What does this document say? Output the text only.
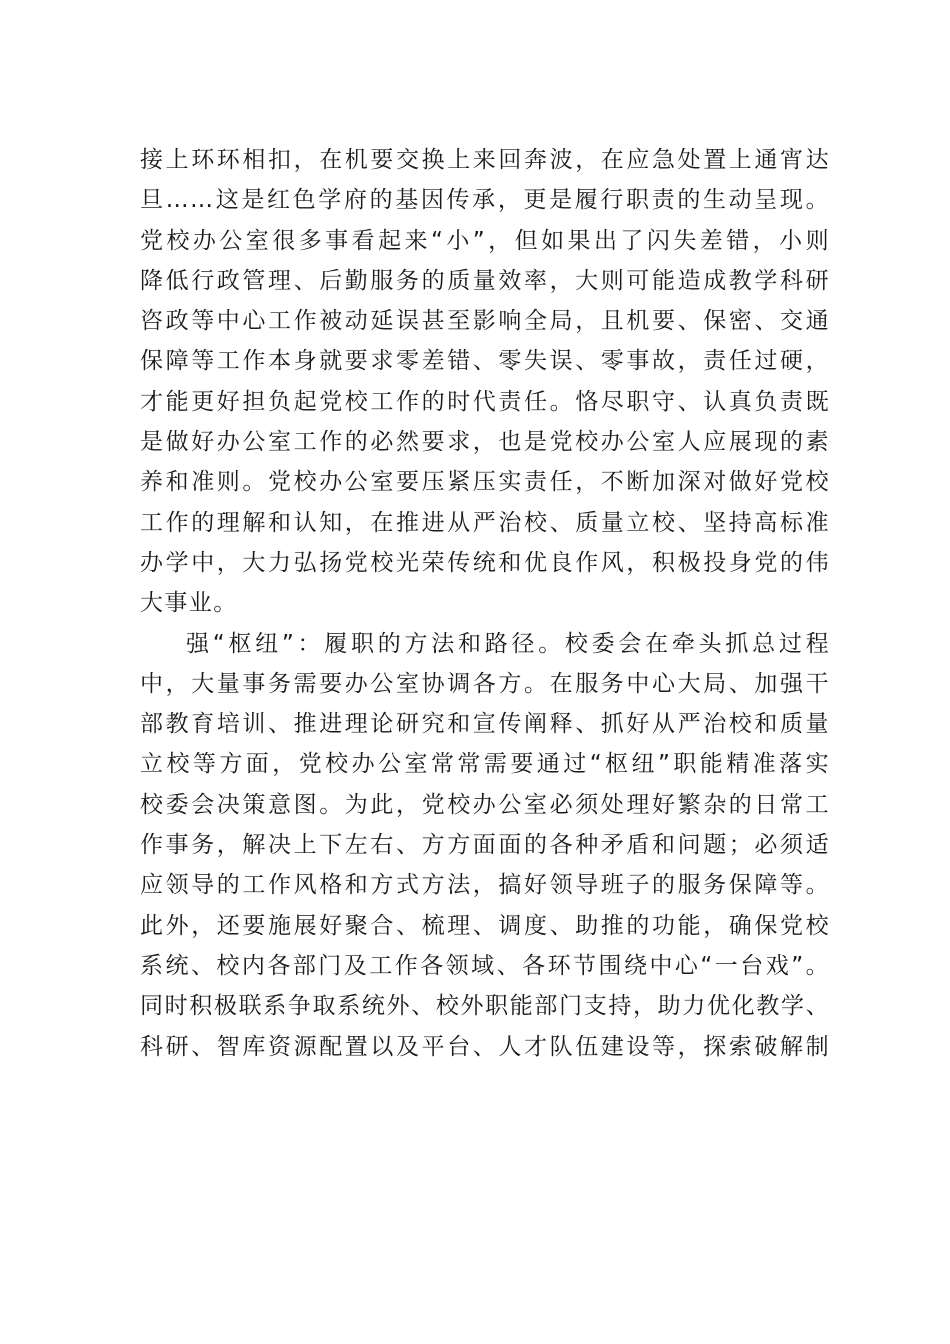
接上环环相扣，在机要交换上来回奔波，在应急处置上通宵达
旦……这是红色学府的基因传承，更是履行职责的生动呈现。
党校办公室很多事看起来“小”，但如果出了闪失差错，小则
降低行政管理、后勤服务的质量效率，大则可能造成教学科研
咨政等中心工作被动延误甚至影响全局，且机要、保密、交通
保障等工作本身就要求零差错、零失误、零事故，责任过硬，
才能更好担负起党校工作的时代责任。恪尽职守、认真负责既
是做好办公室工作的必然要求，也是党校办公室人应展现的素
养和准则。党校办公室要压紧压实责任，不断加深对做好党校
工作的理解和认知，在推进从严治校、质量立校、坚持高标准
办学中，大力弘扬党校光荣传统和优良作风，积极投身党的伟
大事业。
强“枢纽”：履职的方法和路径。校委会在牵头抓总过程
中，大量事务需要办公室协调各方。在服务中心大局、加强干
部教育培训、推进理论研究和宣传阐释、抓好从严治校和质量
立校等方面，党校办公室常常需要通过“枢纽”职能精准落实
校委会决策意图。为此，党校办公室必须处理好繁杂的日常工
作事务，解决上下左右、方方面面的各种矛盾和问题；必须适
应领导的工作风格和方式方法，搞好领导班子的服务保障等。
此外，还要施展好聚合、梳理、调度、助推的功能，确保党校
系统、校内各部门及工作各领域、各环节围绕中心“一台戏”。
同时积极联系争取系统外、校外职能部门支持，助力优化教学、
科研、智库资源配置以及平台、人才队伍建设等，探索破解制
